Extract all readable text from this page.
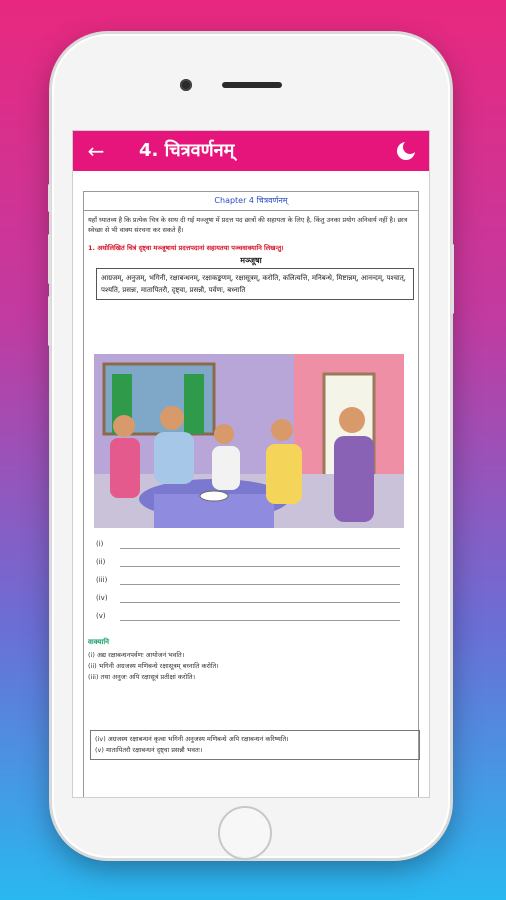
← 4. चित्रवर्णनम्
Chapter 4 चित्रवर्णनम्
यहाँ ध्यातव्य है कि प्रत्येक चित्र के साथ दी गई मञ्जूषा में प्रदत्त पद छात्रों की सहायता के लिए है, किंतु उनका प्रयोग अनिवार्य नहीं है। छात्र स्वेच्छा से भी वाक्य संरचना कर सकते हैं।
1. अधोलिखितं चित्रं दृष्ट्वा मञ्जूषायां प्रदत्तपदानां सहायतया पञ्चवाक्यानि लिखन्तु।
मञ्जूषा
आग्रजम्, अनुजम्, भगिनी, रक्षाबन्धनम्, रक्षाकङ्कणम्, रक्षासूत्रम्, करोति, कलित्यत्ति, मनिबन्धे, मिष्टान्नम्, आनन्दम्, पश्चात्, पश्यति, प्रसन्नः, मातापितरौ, दृष्ट्वा, प्रसन्नौ, पर्वणः, बध्नाति
(i)
(ii)
(iii)
(iv)
(v)
वाक्यानि
(i) अद्य रक्षाबन्धनपर्वणः आयोजनं भवति।
(ii) भगिनी अग्रजस्य मणिबन्धे रक्षासूत्रम् बध्नाति करोति।
(iii) तथा अनुजः अपि रक्षासूत्रं प्रतीक्षां करोति।
(iv) अग्रजस्य रक्षाबन्धनं कृत्वा भगिनी अनुजस्य मणिबन्धे अपि रक्षाबन्धनं करिष्यति।
(v) मातापितरौ रक्षाबन्धनं दृष्ट्वा प्रसन्नौ भवतः।
